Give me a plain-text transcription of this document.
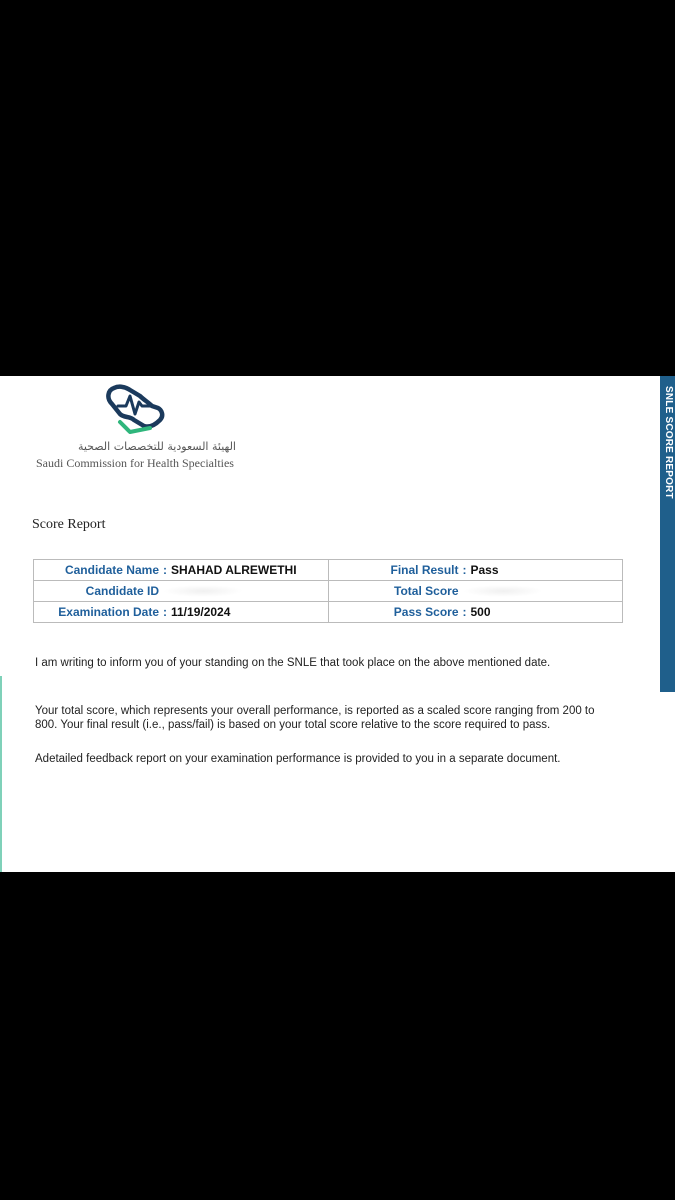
SNLE SCORE REPORT
الهيئة السعودية للتخصصات الصحية
Saudi Commission for Health Specialties
Score Report
Candidate Name : SHAHAD ALREWETHI	Final Result : Pass

Candidate ID	Total Score

Examination Date : 11/19/2024	Pass Score : 500

I am writing to inform you of your standing on the SNLE that took place on the above mentioned date.

Your total score, which represents your overall performance, is reported as a scaled score ranging from 200 to 800. Your final result (i.e., pass/fail) is based on your total score relative to the score required to pass.

Adetailed feedback report on your examination performance is provided to you in a separate document.
